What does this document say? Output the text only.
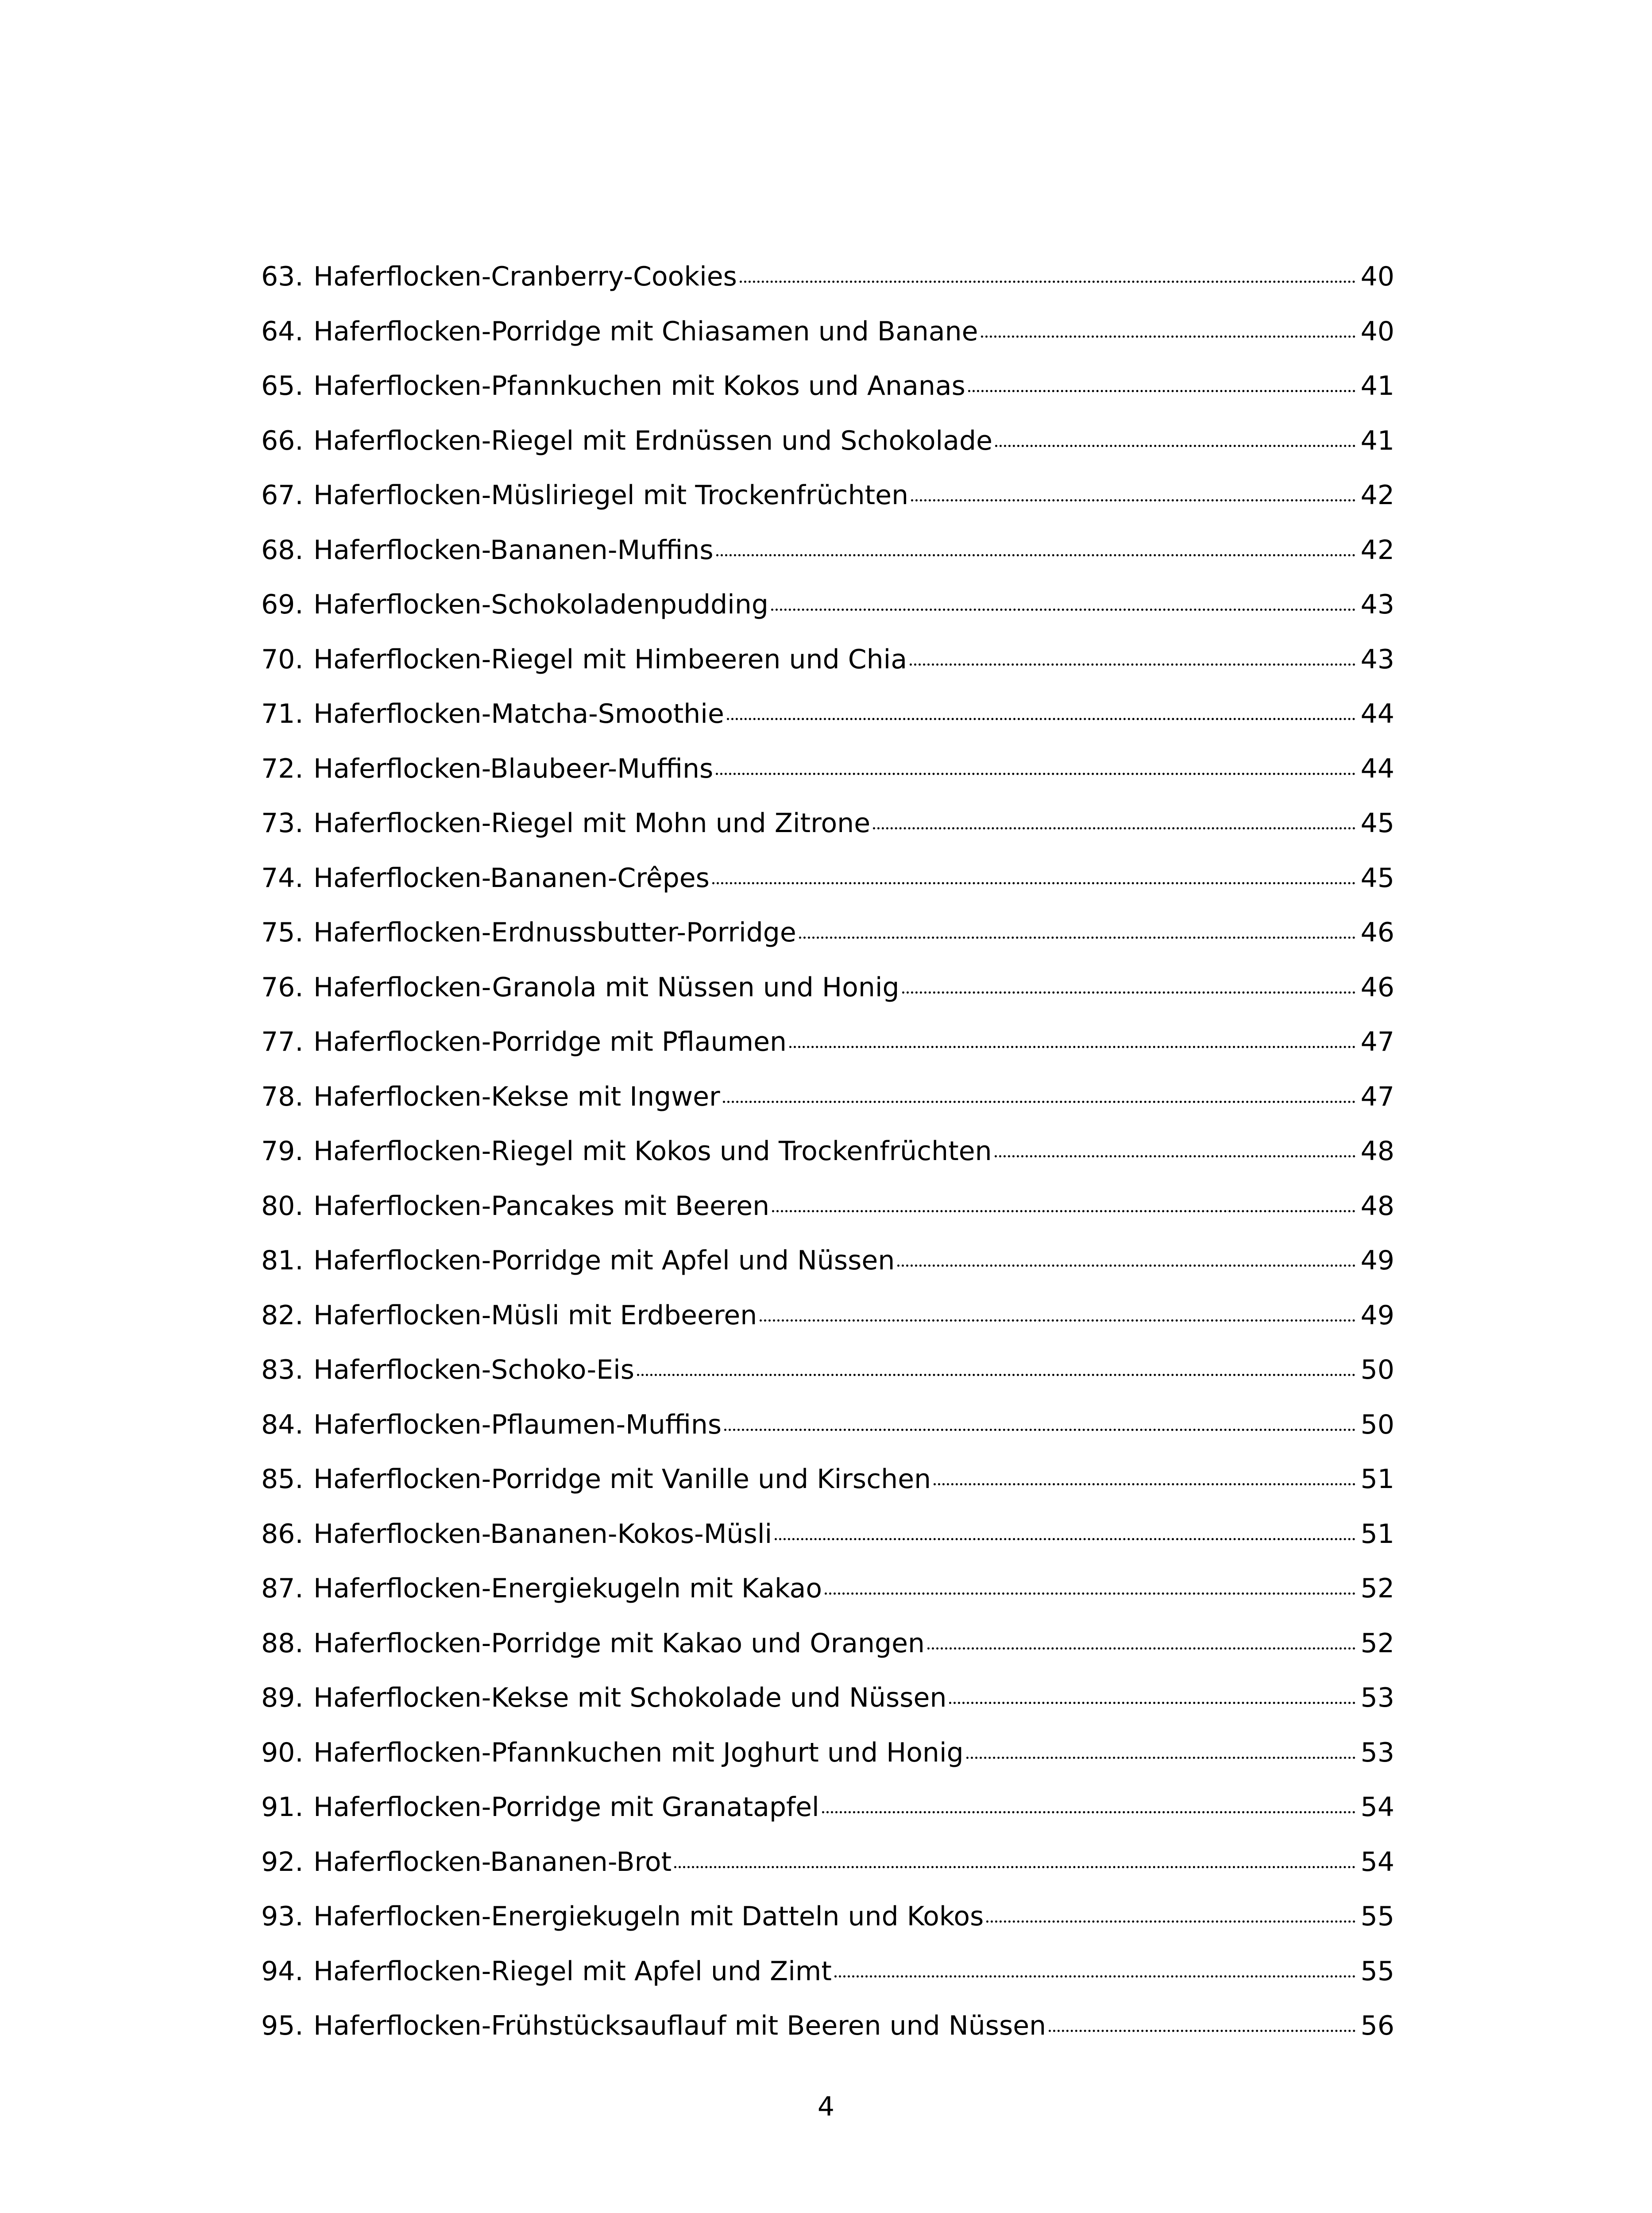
63. Haferflocken-Cranberry-Cookies	40
64. Haferflocken-Porridge mit Chiasamen und Banane	40
65. Haferflocken-Pfannkuchen mit Kokos und Ananas	41
66. Haferflocken-Riegel mit Erdnüssen und Schokolade	41
67. Haferflocken-Müsliriegel mit Trockenfrüchten	42
68. Haferflocken-Bananen-Muffins	42
69. Haferflocken-Schokoladenpudding	43
70. Haferflocken-Riegel mit Himbeeren und Chia	43
71. Haferflocken-Matcha-Smoothie	44
72. Haferflocken-Blaubeer-Muffins	44
73. Haferflocken-Riegel mit Mohn und Zitrone	45
74. Haferflocken-Bananen-Crêpes	45
75. Haferflocken-Erdnussbutter-Porridge	46
76. Haferflocken-Granola mit Nüssen und Honig	46
77. Haferflocken-Porridge mit Pflaumen	47
78. Haferflocken-Kekse mit Ingwer	47
79. Haferflocken-Riegel mit Kokos und Trockenfrüchten	48
80. Haferflocken-Pancakes mit Beeren	48
81. Haferflocken-Porridge mit Apfel und Nüssen	49
82. Haferflocken-Müsli mit Erdbeeren	49
83. Haferflocken-Schoko-Eis	50
84. Haferflocken-Pflaumen-Muffins	50
85. Haferflocken-Porridge mit Vanille und Kirschen	51
86. Haferflocken-Bananen-Kokos-Müsli	51
87. Haferflocken-Energiekugeln mit Kakao	52
88. Haferflocken-Porridge mit Kakao und Orangen	52
89. Haferflocken-Kekse mit Schokolade und Nüssen	53
90. Haferflocken-Pfannkuchen mit Joghurt und Honig	53
91. Haferflocken-Porridge mit Granatapfel	54
92. Haferflocken-Bananen-Brot	54
93. Haferflocken-Energiekugeln mit Datteln und Kokos	55
94. Haferflocken-Riegel mit Apfel und Zimt	55
95. Haferflocken-Frühstücksauflauf mit Beeren und Nüssen	56
4
